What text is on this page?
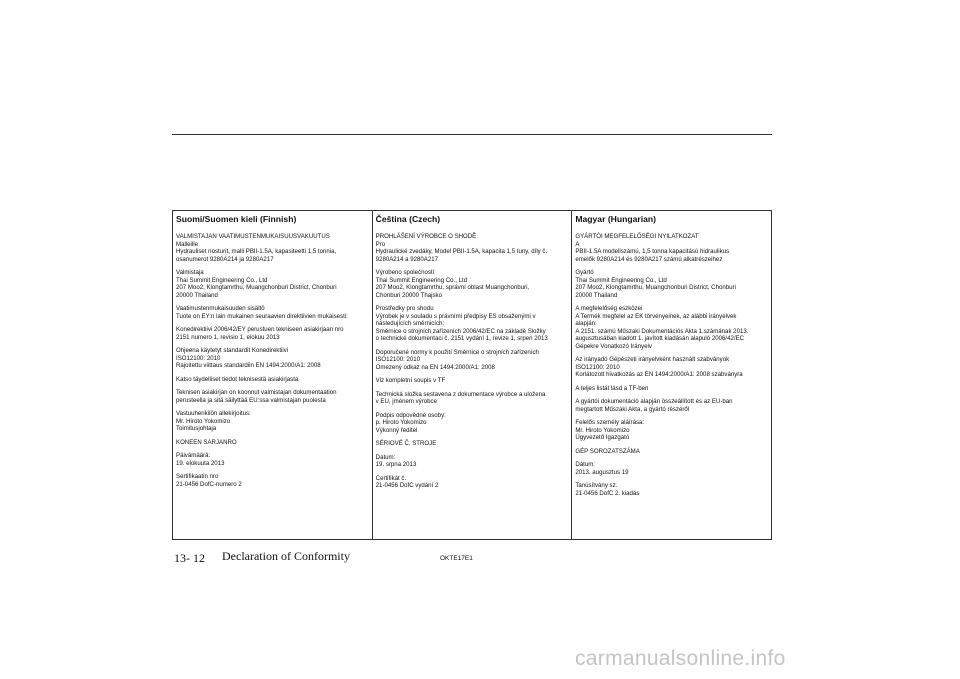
Suomi/Suomen kieli (Finnish)
VALMISTAJAN VAATIMUSTENMUKAISUUSVAKUUTUS
Malleille
Hydrauliset nosturit, malli PBII-1.5A, kapasiteetti 1,5 tonnia,
osanumerot 9280A214 ja 9280A217
Valmistaja
Thai Summit Engineering Co., Ltd
207 Moo2, Klongtamrthu, Muangchonburi District, Chonburi
20000 Thailand
Vaatimustenmukaisuuden sisältö
Tuote on EY:n lain mukainen seuraavien direktiivien mukaisesti:
Konedirektiivi 2006/42/EY perustuen tekniseen asiakirjaan nro
2151 numero 1, revisio 1, elokuu 2013
Ohjeena käytetyt standardit Konedirektiivi
ISO12100: 2010
Rajoitettu viittaus standardiin EN 1494:2000/A1: 2008
Katso täydelliset tiedot teknisestä asiakirjasta
Teknisen asiakirjan on koonnut valmistajan dokumentaation
perusteella ja sitä säilyttää EU:ssa valmistajan puolesta
Vastuuhenkilön allekirjoitus:
Mr. Hiroto Yokomizo
Toimitusjohtaja
KONEEN SARJANRO
Päivämäärä:
19. elokuuta 2013
Sertifikaatin nro
21-0456 DofC-numero 2
Čeština (Czech)
PROHLÁŠENÍ VÝROBCE O SHODĚ
Pro
Hydraulické zvedáky, Model PBII-1.5A, kapacita 1,5 tuny, díly č.
9280A214 a 9280A217
Výrobeno společností
Thai Summit Engineering Co., Ltd
207 Moo2, Klongtamrthu, správní oblast Muangchonburi,
Chonburi 20000 Thajsko
Prostředky pro shodu
Výrobek je v souladu s právními předpisy ES obsaženými v
následujících směrnicích:
Směrnice o strojních zařízeních 2006/42/EC na základě Složky
o technické dokumentaci č. 2151 vydání 1, revize 1, srpen 2013
Doporučené normy k použití Směrnice o strojních zařízeních
ISO12100: 2010
Omezený odkaz na EN 1494:2000/A1: 2008
Viz kompletní soupis v TF
Technická složka sestavena z dokumentace výrobce a uložena
v EU, jménem výrobce
Podpis odpovědné osoby:
p. Hiroto Yokomizo
Výkonný ředitel
SÉRIOVÉ Č. STROJE
Datum:
19. srpna 2013
Certifikát č.
21-0456 DofC vydání 2
Magyar (Hungarian)
GYÁRTÓI MEGFELELŐSÉGI NYILATKOZAT
A
PBII-1.5A modellszámú, 1,5 tonna kapacitású hidraulikus
emelők 9280A214 és 9280A217 számú alkatrészeihez
Gyártó
Thai Summit Engineering Co., Ltd
207 Moo2, Klongtamrthu, Muangchonburi District, Chonburi
20000 Thailand
A megfelelőség eszközei
A Termék megfelel az EK törvényeinek, az alábbi irányelvek
alapján:
A 2151. számú Műszaki Dokumentációs Akta 1.számának 2013.
augusztusában kiadott 1. javított kiadásán alapuló 2006/42/EC
Gépekre Vonatkozó Irányelv
Az irányadó Gépészeti irányelvként használt szabványok
ISO12100: 2010
Korlátozott hivatkozás az EN 1494:2000/A1: 2008 szabványra
A teljes listát lásd a TF-ben
A gyártói dokumentáció alapján összeállított és az EU-ban
megtartott Műszaki Akta, a gyártó részéről
Felelős személy aláírása:
Mr. Hiroto Yokomizo
Ügyvezető Igazgató
GÉP SOROZATSZÁMA
Dátum:
2013. augusztus 19
Tanúsítvány sz.
21-0456 DofC 2. kiadás
13- 12 Declaration of Conformity	OKTE17E1
carmanualsonline.info
